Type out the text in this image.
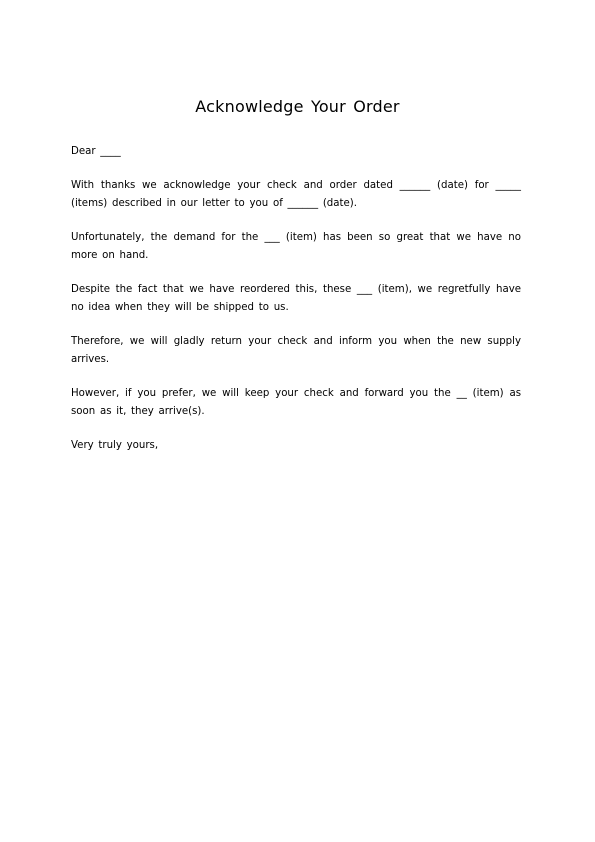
Acknowledge Your Order

Dear ____

With thanks we acknowledge your check and order dated ______ (date) for _____ (items) described in our letter to you of ______ (date).

Unfortunately, the demand for the ___ (item) has been so great that we have no more on hand.

Despite the fact that we have reordered this, these ___ (item), we regretfully have no idea when they will be shipped to us.

Therefore, we will gladly return your check and inform you when the new supply arrives.

However, if you prefer, we will keep your check and forward you the __ (item) as soon as it, they arrive(s).

Very truly yours,
